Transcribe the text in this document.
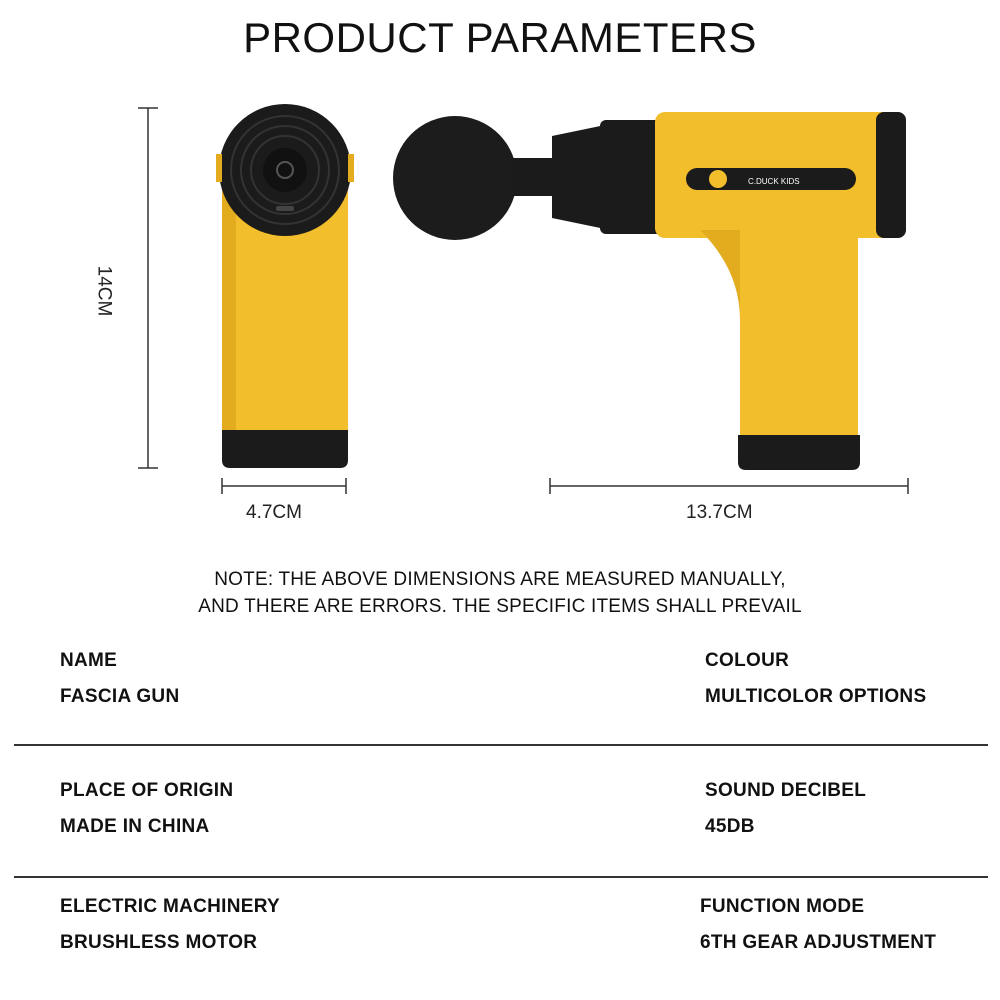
PRODUCT PARAMETERS
C.DUCK KIDS
14CM
4.7CM	13.7CM
NOTE: THE ABOVE DIMENSIONS ARE MEASURED MANUALLY,
AND THERE ARE ERRORS. THE SPECIFIC ITEMS SHALL PREVAIL
NAME
FASCIA GUN
COLOUR
MULTICOLOR OPTIONS
PLACE OF ORIGIN
MADE IN CHINA
SOUND DECIBEL
45DB
ELECTRIC MACHINERY
BRUSHLESS MOTOR
FUNCTION MODE
6TH GEAR ADJUSTMENT
